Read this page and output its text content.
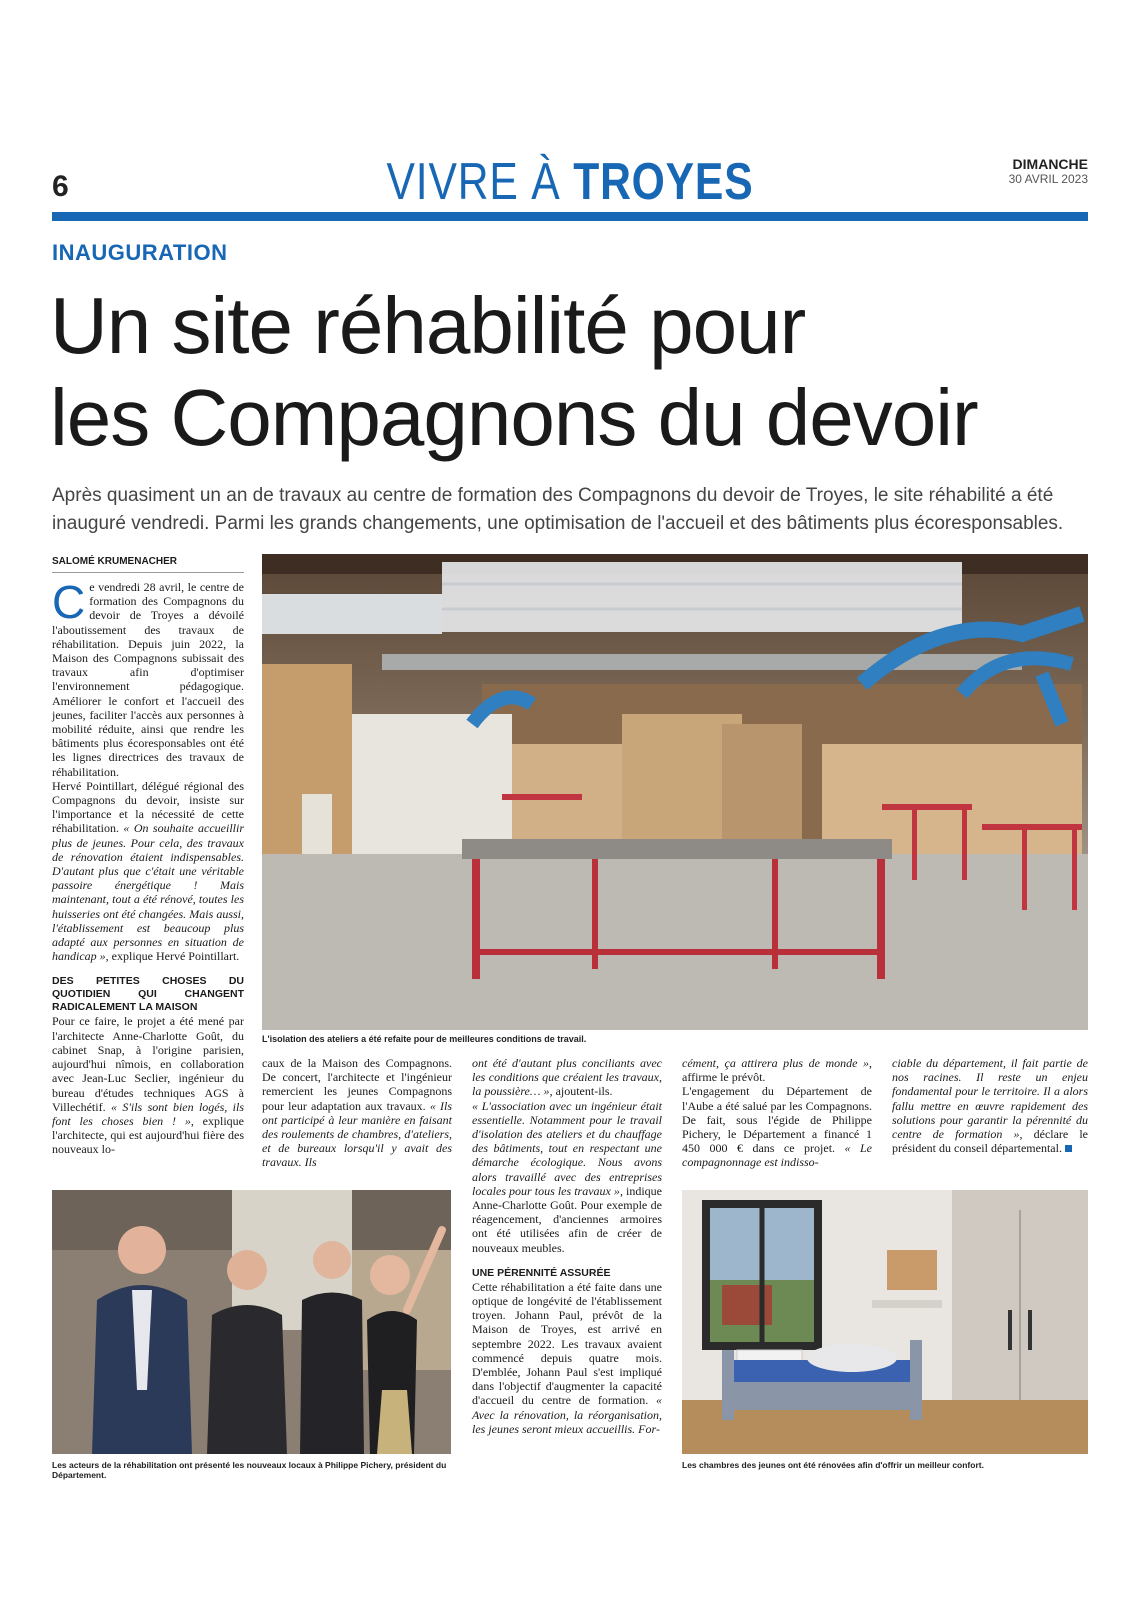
6	VIVRE À TROYES	DIMANCHE
30 AVRIL 2023
INAUGURATION
Un site réhabilité pour
les Compagnons du devoir
Après quasiment un an de travaux au centre de formation des Compagnons du devoir de Troyes, le site réhabilité a été inauguré vendredi. Parmi les grands changements, une optimisation de l'accueil et des bâtiments plus écoresponsables.
SALOMÉ KRUMENACHER

Ce vendredi 28 avril, le centre de formation des Compagnons du devoir de Troyes a dévoilé l'aboutissement des travaux de réhabilitation. Depuis juin 2022, la Maison des Compagnons subissait des travaux afin d'optimiser l'environnement pédagogique. Améliorer le confort et l'accueil des jeunes, faciliter l'accès aux personnes à mobilité réduite, ainsi que rendre les bâtiments plus écoresponsables ont été les lignes directrices des travaux de réhabilitation.

Hervé Pointillart, délégué régional des Compagnons du devoir, insiste sur l'importance et la nécessité de cette réhabilitation. « On souhaite accueillir plus de jeunes. Pour cela, des travaux de rénovation étaient indispensables. D'autant plus que c'était une véritable passoire énergétique ! Mais maintenant, tout a été rénové, toutes les huisseries ont été changées. Mais aussi, l'établissement est beaucoup plus adapté aux personnes en situation de handicap », explique Hervé Pointillart.

DES PETITES CHOSES DU QUOTIDIEN QUI CHANGENT RADICALEMENT LA MAISON

Pour ce faire, le projet a été mené par l'architecte Anne-Charlotte Goût, du cabinet Snap, à l'origine parisien, aujourd'hui nîmois, en collaboration avec Jean-Luc Seclier, ingénieur du bureau d'études techniques AGS à Villechétif. « S'ils sont bien logés, ils font les choses bien ! », explique l'architecte, qui est aujourd'hui fière des nouveaux lo-

L'isolation des ateliers a été refaite pour de meilleures conditions de travail.

caux de la Maison des Compagnons. De concert, l'architecte et l'ingénieur remercient les jeunes Compagnons pour leur adaptation aux travaux. « Ils ont participé à leur manière en faisant des roulements de chambres, d'ateliers, et de bureaux lorsqu'il y avait des travaux. Ils

ont été d'autant plus conciliants avec les conditions que créaient les travaux, la poussière… », ajoutent-ils.

« L'association avec un ingénieur était essentielle. Notamment pour le travail d'isolation des ateliers et du chauffage des bâtiments, tout en respectant une démarche écologique. Nous avons alors travaillé avec des entreprises locales pour tous les travaux », indique Anne-Charlotte Goût. Pour exemple de réagencement, d'anciennes armoires ont été utilisées afin de créer de nouveaux meubles.

UNE PÉRENNITÉ ASSURÉE

Cette réhabilitation a été faite dans une optique de longévité de l'établissement troyen. Johann Paul, prévôt de la Maison de Troyes, est arrivé en septembre 2022. Les travaux avaient commencé depuis quatre mois. D'emblée, Johann Paul s'est impliqué dans l'objectif d'augmenter la capacité d'accueil du centre de formation. « Avec la rénovation, la réorganisation, les jeunes seront mieux accueillis. For-

cément, ça attirera plus de monde », affirme le prévôt.

L'engagement du Département de l'Aube a été salué par les Compagnons. De fait, sous l'égide de Philippe Pichery, le Département a financé 1 450 000 € dans ce projet. « Le compagnonnage est indisso-

ciable du département, il fait partie de nos racines. Il reste un enjeu fondamental pour le territoire. Il a alors fallu mettre en œuvre rapidement des solutions pour garantir la pérennité du centre de formation », déclare le président du conseil départemental.

Les acteurs de la réhabilitation ont présenté les nouveaux locaux à Philippe Pichery, président du Département.
Les chambres des jeunes ont été rénovées afin d'offrir un meilleur confort.
